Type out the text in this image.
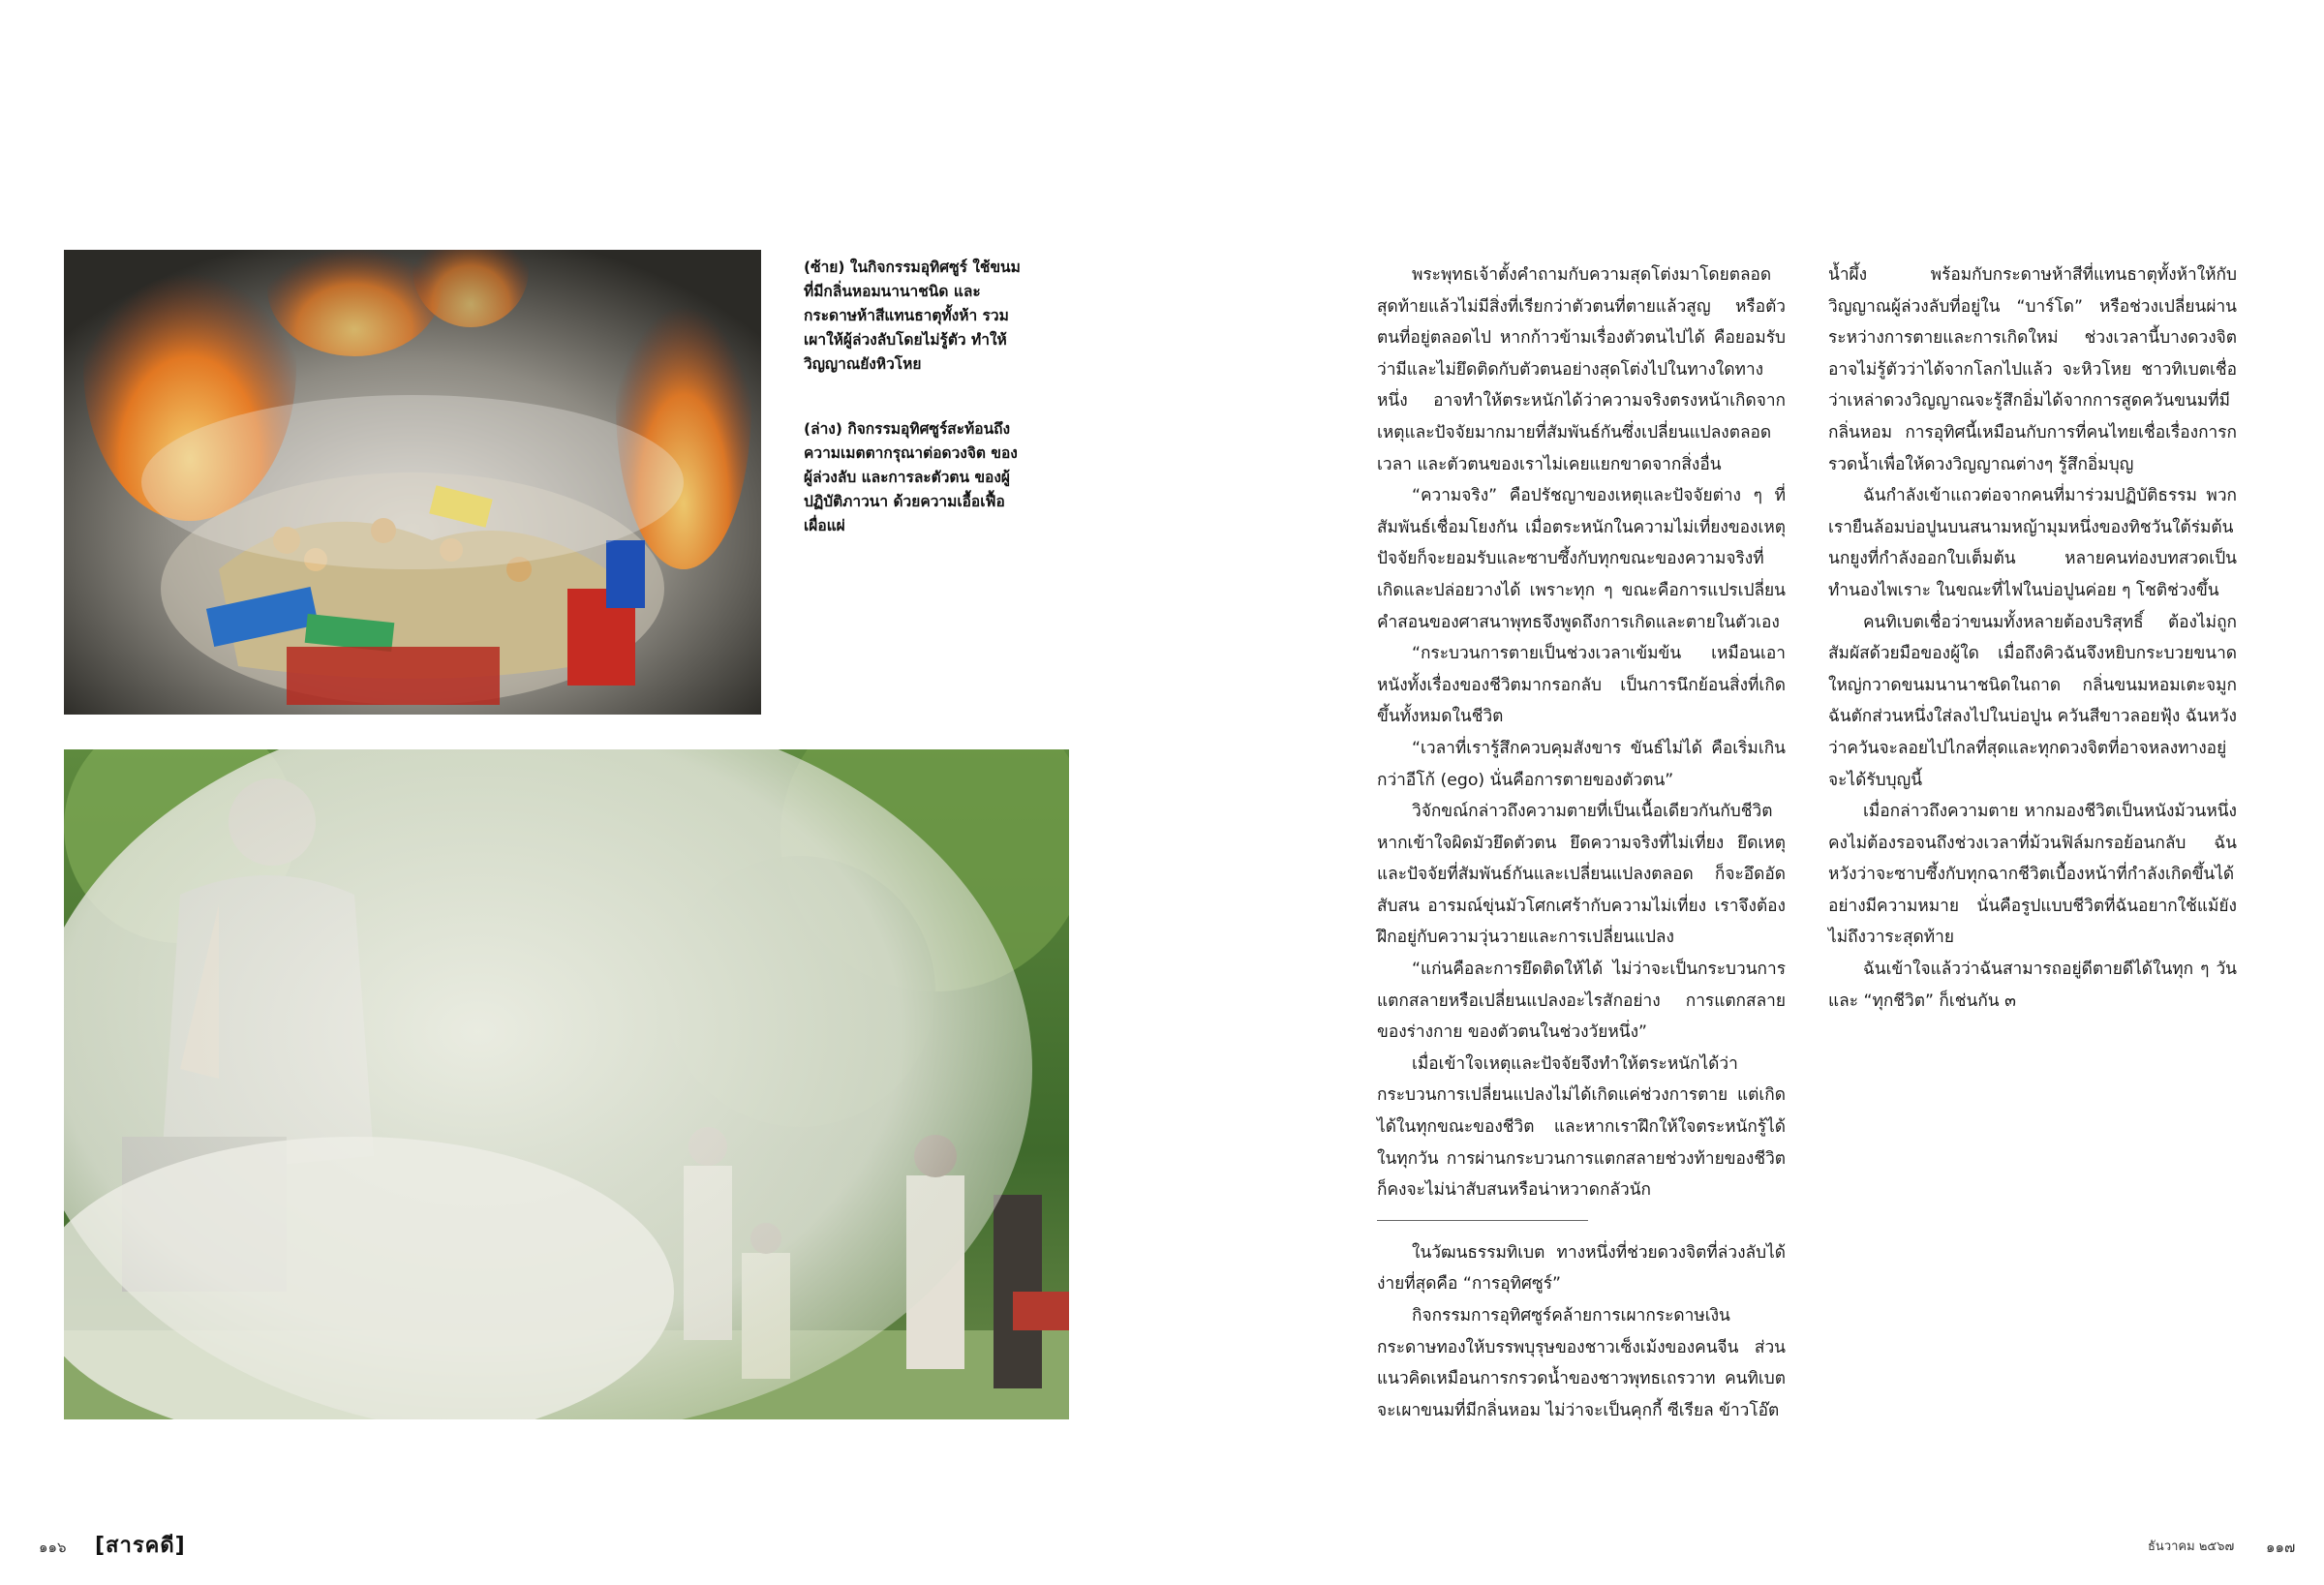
(ซ้าย) ในกิจกรรมอุทิศซูร์ ใช้ขนมที่มีกลิ่นหอมนานาชนิด และกระดาษห้าสีแทนธาตุทั้งห้า รวมเผาให้ผู้ล่วงลับโดยไม่รู้ตัว ทำให้วิญญาณยังหิวโหย

(ล่าง) กิจกรรมอุทิศซูร์สะท้อนถึง ความเมตตากรุณาต่อดวงจิต ของผู้ล่วงลับ และการละตัวตน ของผู้ปฏิบัติภาวนา ด้วยความเอื้อเฟื้อเผื่อแผ่

พระพุทธเจ้าตั้งคำถามกับความสุดโต่งมาโดยตลอด สุดท้ายแล้วไม่มีสิ่งที่เรียกว่าตัวตนที่ตายแล้วสูญ หรือตัวตนที่อยู่ตลอดไป หากก้าวข้ามเรื่องตัวตนไปได้ คือยอมรับว่ามีและไม่ยึดติดกับตัวตนอย่างสุดโต่งไปในทางใดทางหนึ่ง อาจทำให้ตระหนักได้ว่าความจริงตรงหน้าเกิดจากเหตุและปัจจัยมากมายที่สัมพันธ์กันซึ่งเปลี่ยนแปลงตลอดเวลา และตัวตนของเราไม่เคยแยกขาดจากสิ่งอื่น

“ความจริง” คือปรัชญาของเหตุและปัจจัยต่าง ๆ ที่สัมพันธ์เชื่อมโยงกัน เมื่อตระหนักในความไม่เที่ยงของเหตุปัจจัยก็จะยอมรับและซาบซึ้งกับทุกขณะของความจริงที่เกิดและปล่อยวางได้ เพราะทุก ๆ ขณะคือการแปรเปลี่ยน คำสอนของศาสนาพุทธจึงพูดถึงการเกิดและตายในตัวเอง

“กระบวนการตายเป็นช่วงเวลาเข้มข้น เหมือนเอาหนังทั้งเรื่องของชีวิตมากรอกลับ เป็นการนึกย้อนสิ่งที่เกิดขึ้นทั้งหมดในชีวิต

“เวลาที่เรารู้สึกควบคุมสังขาร ขันธ์ไม่ได้ คือเริ่มเกินกว่าอีโก้ (ego) นั่นคือการตายของตัวตน”

วิจักขณ์กล่าวถึงความตายที่เป็นเนื้อเดียวกันกับชีวิต หากเข้าใจผิดมัวยึดตัวตน ยึดความจริงที่ไม่เที่ยง ยึดเหตุและปัจจัยที่สัมพันธ์กันและเปลี่ยนแปลงตลอด ก็จะอึดอัด สับสน อารมณ์ขุ่นมัวโศกเศร้ากับความไม่เที่ยง เราจึงต้องฝึกอยู่กับความวุ่นวายและการเปลี่ยนแปลง

“แก่นคือละการยึดติดให้ได้ ไม่ว่าจะเป็นกระบวนการแตกสลายหรือเปลี่ยนแปลงอะไรสักอย่าง การแตกสลายของร่างกาย ของตัวตนในช่วงวัยหนึ่ง”

เมื่อเข้าใจเหตุและปัจจัยจึงทำให้ตระหนักได้ว่ากระบวนการเปลี่ยนแปลงไม่ได้เกิดแค่ช่วงการตาย แต่เกิดได้ในทุกขณะของชีวิต และหากเราฝึกให้ใจตระหนักรู้ได้ในทุกวัน การผ่านกระบวนการแตกสลายช่วงท้ายของชีวิตก็คงจะไม่น่าสับสนหรือน่าหวาดกลัวนัก

ในวัฒนธรรมทิเบต ทางหนึ่งที่ช่วยดวงจิตที่ล่วงลับได้ง่ายที่สุดคือ “การอุทิศซูร์”

กิจกรรมการอุทิศซูร์คล้ายการเผากระดาษเงินกระดาษทองให้บรรพบุรุษของชาวเซ็งเม้งของคนจีน ส่วนแนวคิดเหมือนการกรวดน้ำของชาวพุทธเถรวาท คนทิเบตจะเผาขนมที่มีกลิ่นหอม ไม่ว่าจะเป็นคุกกี้ ซีเรียล ข้าวโอ๊ต

น้ำผึ้ง พร้อมกับกระดาษห้าสีที่แทนธาตุทั้งห้าให้กับวิญญาณผู้ล่วงลับที่อยู่ใน “บาร์โด” หรือช่วงเปลี่ยนผ่านระหว่างการตายและการเกิดใหม่ ช่วงเวลานี้บางดวงจิตอาจไม่รู้ตัวว่าได้จากโลกไปแล้ว จะหิวโหย ชาวทิเบตเชื่อว่าเหล่าดวงวิญญาณจะรู้สึกอิ่มได้จากการสูดควันขนมที่มีกลิ่นหอม การอุทิศนี้เหมือนกับการที่คนไทยเชื่อเรื่องการกรวดน้ำเพื่อให้ดวงวิญญาณต่างๆ รู้สึกอิ่มบุญ

ฉันกำลังเข้าแถวต่อจากคนที่มาร่วมปฏิบัติธรรม พวกเรายืนล้อมบ่อปูนบนสนามหญ้ามุมหนึ่งของทิชวันใต้ร่มต้นนกยูงที่กำลังออกใบเต็มต้น หลายคนท่องบทสวดเป็นทำนองไพเราะ ในขณะที่ไฟในบ่อปูนค่อย ๆ โชติช่วงขึ้น

คนทิเบตเชื่อว่าขนมทั้งหลายต้องบริสุทธิ์ ต้องไม่ถูกสัมผัสด้วยมือของผู้ใด เมื่อถึงคิวฉันจึงหยิบกระบวยขนาดใหญ่กวาดขนมนานาชนิดในถาด กลิ่นขนมหอมเตะจมูก ฉันตักส่วนหนึ่งใส่ลงไปในบ่อปูน ควันสีขาวลอยฟุ้ง ฉันหวังว่าควันจะลอยไปไกลที่สุดและทุกดวงจิตที่อาจหลงทางอยู่จะได้รับบุญนี้

เมื่อกล่าวถึงความตาย หากมองชีวิตเป็นหนังม้วนหนึ่ง คงไม่ต้องรอจนถึงช่วงเวลาที่ม้วนฟิล์มกรอย้อนกลับ ฉันหวังว่าจะซาบซึ้งกับทุกฉากชีวิตเบื้องหน้าที่กำลังเกิดขึ้นได้อย่างมีความหมาย นั่นคือรูปแบบชีวิตที่ฉันอยากใช้แม้ยังไม่ถึงวาระสุดท้าย

ฉันเข้าใจแล้วว่าฉันสามารถอยู่ดีตายดีได้ในทุก ๆ วัน และ “ทุกชีวิต” ก็เช่นกัน ๓

๑๑๖ [สารคดี]	ธันวาคม ๒๕๖๗ ๑๑๗
